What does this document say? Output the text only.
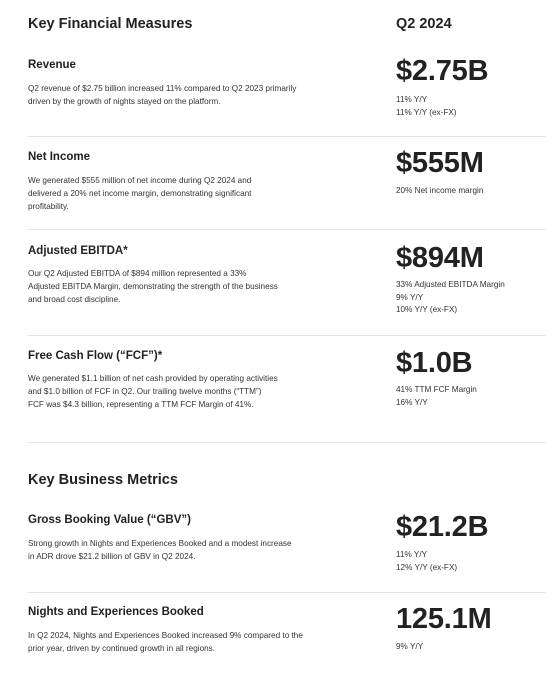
Key Financial Measures	Q2 2024
Revenue
Q2 revenue of $2.75 billion increased 11% compared to Q2 2023 primarily driven by the growth of nights stayed on the platform.
$2.75B
11% Y/Y
11% Y/Y (ex-FX)
Net Income
We generated $555 million of net income during Q2 2024 and delivered a 20% net income margin, demonstrating significant profitability.
$555M
20% Net income margin
Adjusted EBITDA*
Our Q2 Adjusted EBITDA of $894 million represented a 33% Adjusted EBITDA Margin, demonstrating the strength of the business and broad cost discipline.
$894M
33% Adjusted EBITDA Margin
9% Y/Y
10% Y/Y (ex-FX)
Free Cash Flow (“FCF”)*
We generated $1.1 billion of net cash provided by operating activities and $1.0 billion of FCF in Q2. Our trailing twelve months (“TTM”) FCF was $4.3 billion, representing a TTM FCF Margin of 41%.
$1.0B
41% TTM FCF Margin
16% Y/Y
Key Business Metrics
Gross Booking Value (“GBV”)
Strong growth in Nights and Experiences Booked and a modest increase in ADR drove $21.2 billion of GBV in Q2 2024.
$21.2B
11% Y/Y
12% Y/Y (ex-FX)
Nights and Experiences Booked
In Q2 2024, Nights and Experiences Booked increased 9% compared to the prior year, driven by continued growth in all regions.
125.1M
9% Y/Y
